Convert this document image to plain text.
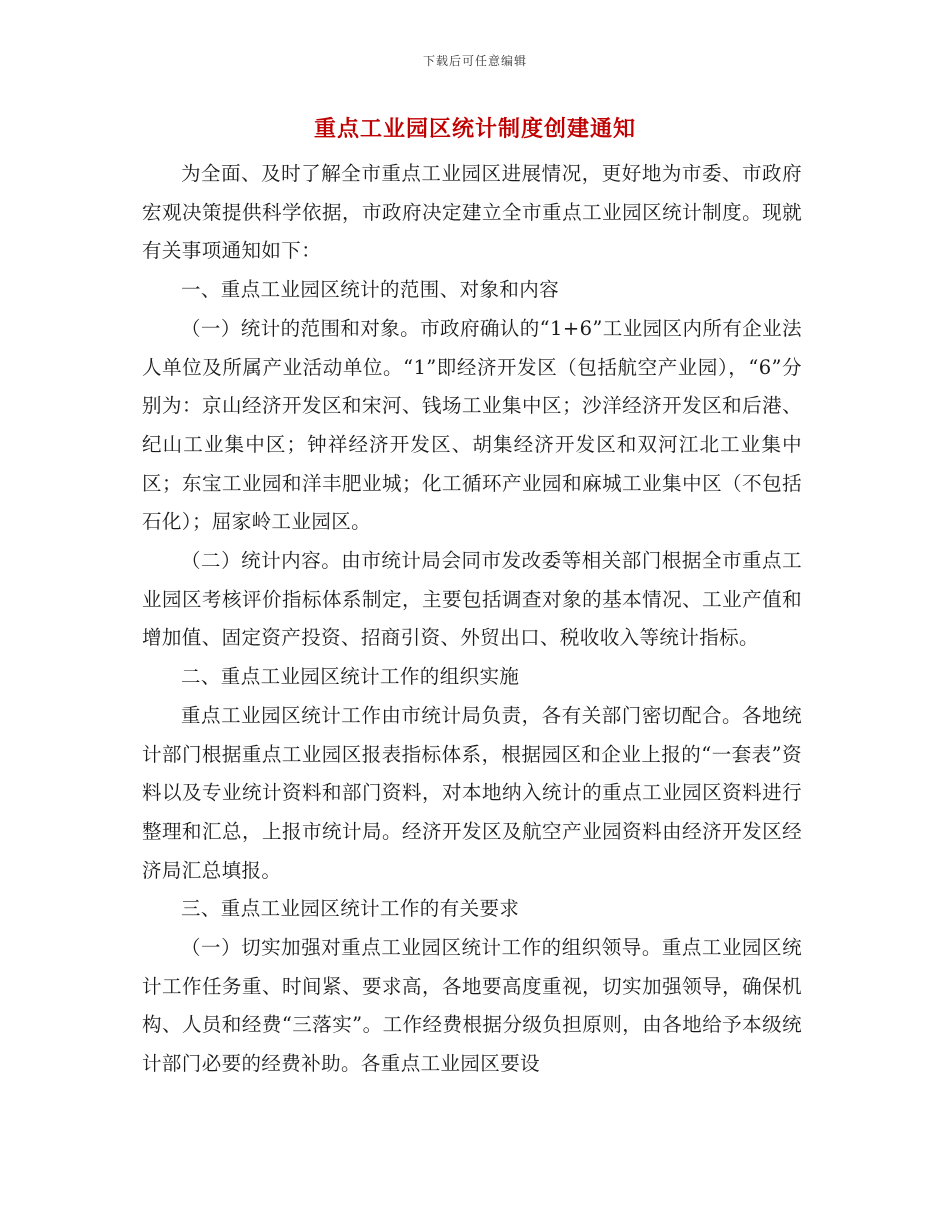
下载后可任意编辑
重点工业园区统计制度创建通知

为全面、及时了解全市重点工业园区进展情况，更好地为市委、市政府宏观决策提供科学依据，市政府决定建立全市重点工业园区统计制度。现就有关事项通知如下：

一、重点工业园区统计的范围、对象和内容

（一）统计的范围和对象。市政府确认的“1+6”工业园区内所有企业法人单位及所属产业活动单位。“1”即经济开发区（包括航空产业园），“6”分别为：京山经济开发区和宋河、钱场工业集中区；沙洋经济开发区和后港、纪山工业集中区；钟祥经济开发区、胡集经济开发区和双河江北工业集中区；东宝工业园和洋丰肥业城；化工循环产业园和麻城工业集中区（不包括石化）；屈家岭工业园区。

（二）统计内容。由市统计局会同市发改委等相关部门根据全市重点工业园区考核评价指标体系制定，主要包括调查对象的基本情况、工业产值和增加值、固定资产投资、招商引资、外贸出口、税收收入等统计指标。

二、重点工业园区统计工作的组织实施

重点工业园区统计工作由市统计局负责，各有关部门密切配合。各地统计部门根据重点工业园区报表指标体系，根据园区和企业上报的“一套表”资料以及专业统计资料和部门资料，对本地纳入统计的重点工业园区资料进行整理和汇总，上报市统计局。经济开发区及航空产业园资料由经济开发区经济局汇总填报。

三、重点工业园区统计工作的有关要求

（一）切实加强对重点工业园区统计工作的组织领导。重点工业园区统计工作任务重、时间紧、要求高，各地要高度重视，切实加强领导，确保机构、人员和经费“三落实”。工作经费根据分级负担原则，由各地给予本级统计部门必要的经费补助。各重点工业园区要设
